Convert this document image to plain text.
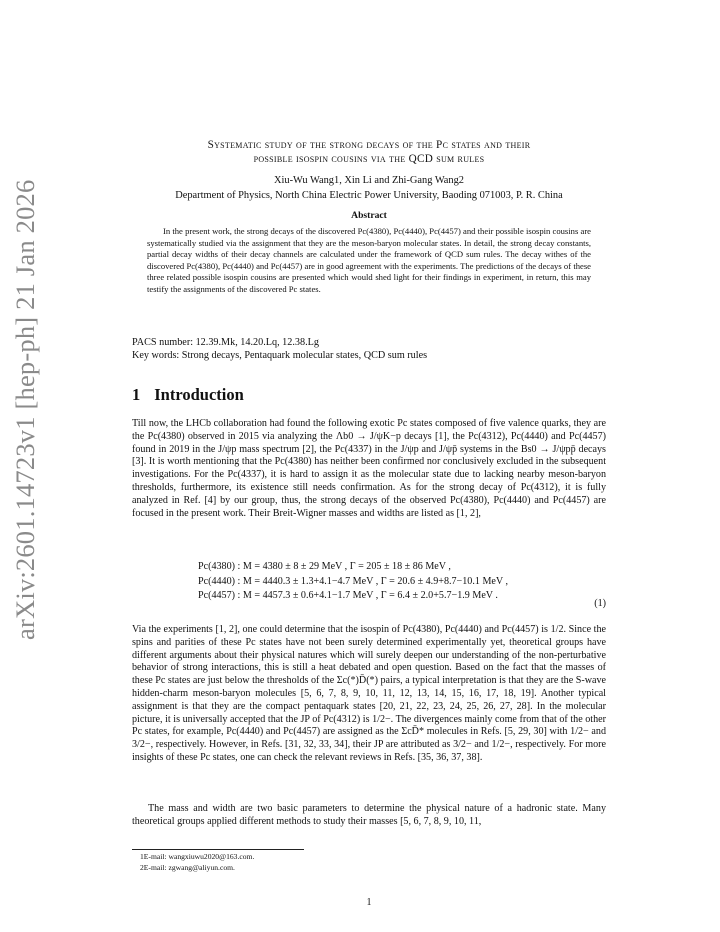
arXiv:2601.14723v1 [hep-ph] 21 Jan 2026
Systematic study of the strong decays of the Pc states and their
possible isospin cousins via the QCD sum rules
Xiu-Wu Wang1, Xin Li and Zhi-Gang Wang2
Department of Physics, North China Electric Power University, Baoding 071003, P. R. China
Abstract

In the present work, the strong decays of the discovered Pc(4380), Pc(4440), Pc(4457) and their possible isospin cousins are systematically studied via the assignment that they are the meson-baryon molecular states. In detail, the strong decay constants, partial decay widths of their decay channels are calculated under the framework of QCD sum rules. The decay withes of the discovered Pc(4380), Pc(4440) and Pc(4457) are in good agreement with the experiments. The predictions of the decays of these three related possible isospin cousins are presented which would shed light for their findings in experiment, in return, this may testify the assignments of the discovered Pc states.

PACS number: 12.39.Mk, 14.20.Lq, 12.38.Lg
Key words: Strong decays, Pentaquark molecular states, QCD sum rules
1 Introduction

Till now, the LHCb collaboration had found the following exotic Pc states composed of five valence quarks, they are the Pc(4380) observed in 2015 via analyzing the Λb0 → J/ψK−p decays [1], the Pc(4312), Pc(4440) and Pc(4457) found in 2019 in the J/ψp mass spectrum [2], the Pc(4337) in the J/ψp and J/ψp̄ systems in the Bs0 → J/ψpp̄ decays [3]. It is worth mentioning that the Pc(4380) has neither been confirmed nor conclusively excluded in the subsequent investigations. For the Pc(4337), it is hard to assign it as the molecular state due to lacking nearby meson-baryon thresholds, furthermore, its existence still needs confirmation. As for the strong decay of Pc(4312), it is fully analyzed in Ref. [4] by our group, thus, the strong decays of the observed Pc(4380), Pc(4440) and Pc(4457) are focused in the present work. Their Breit-Wigner masses and widths are listed as [1, 2],

Pc(4380) : M = 4380 ± 8 ± 29 MeV , Γ = 205 ± 18 ± 86 MeV ,
Pc(4440) : M = 4440.3 ± 1.3+4.1−4.7 MeV , Γ = 20.6 ± 4.9+8.7−10.1 MeV ,
Pc(4457) : M = 4457.3 ± 0.6+4.1−1.7 MeV , Γ = 6.4 ± 2.0+5.7−1.9 MeV .
(1)

Via the experiments [1, 2], one could determine that the isospin of Pc(4380), Pc(4440) and Pc(4457) is 1/2. Since the spins and parities of these Pc states have not been surely determined experimentally yet, theoretical groups have different arguments about their physical natures which will surely deepen our understanding of the non-perturbative behavior of strong interactions, this is still a heat debated and open question. Based on the fact that the masses of these Pc states are just below the thresholds of the Σc(*)D̄(*) pairs, a typical interpretation is that they are the S-wave hidden-charm meson-baryon molecules [5, 6, 7, 8, 9, 10, 11, 12, 13, 14, 15, 16, 17, 18, 19]. Another typical assignment is that they are the compact pentaquark states [20, 21, 22, 23, 24, 25, 26, 27, 28]. In the molecular picture, it is universally accepted that the JP of Pc(4312) is 1/2−. The divergences mainly come from that of the other Pc states, for example, Pc(4440) and Pc(4457) are assigned as the ΣcD̄* molecules in Refs. [5, 29, 30] with 1/2− and 3/2−, respectively. However, in Refs. [31, 32, 33, 34], their JP are attributed as 3/2− and 1/2−, respectively. For more insights of these Pc states, one can check the relevant reviews in Refs. [35, 36, 37, 38].

The mass and width are two basic parameters to determine the physical nature of a hadronic state. Many theoretical groups applied different methods to study their masses [5, 6, 7, 8, 9, 10, 11,

1E-mail: wangxiuwu2020@163.com.
2E-mail: zgwang@aliyun.com.
1
